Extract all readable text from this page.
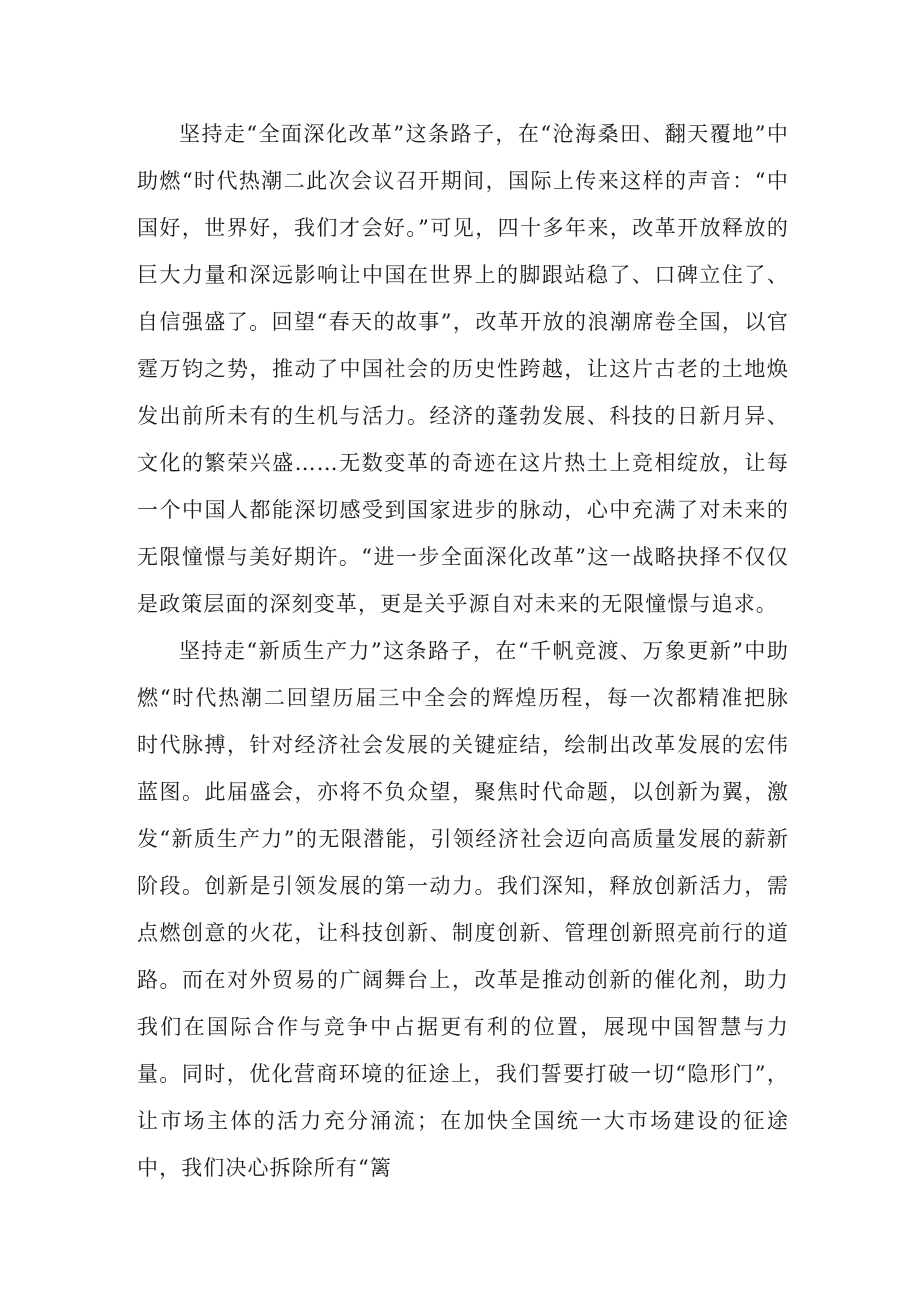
坚持走“全面深化改革”这条路子，在“沧海桑田、翻天覆地”中助燃“时代热潮二此次会议召开期间，国际上传来这样的声音：“中国好，世界好，我们才会好。”可见，四十多年来，改革开放释放的巨大力量和深远影响让中国在世界上的脚跟站稳了、口碑立住了、自信强盛了。回望“春天的故事”，改革开放的浪潮席卷全国，以官霆万钧之势，推动了中国社会的历史性跨越，让这片古老的土地焕发出前所未有的生机与活力。经济的蓬勃发展、科技的日新月异、文化的繁荣兴盛……无数变革的奇迹在这片热土上竞相绽放，让每一个中国人都能深切感受到国家进步的脉动，心中充满了对未来的无限憧憬与美好期许。“进一步全面深化改革”这一战略抉择不仅仅是政策层面的深刻变革，更是关乎源自对未来的无限憧憬与追求。

坚持走“新质生产力”这条路子，在“千帆竞渡、万象更新”中助燃“时代热潮二回望历届三中全会的辉煌历程，每一次都精准把脉时代脉搏，针对经济社会发展的关键症结，绘制出改革发展的宏伟蓝图。此届盛会，亦将不负众望，聚焦时代命题，以创新为翼，激发“新质生产力”的无限潜能，引领经济社会迈向高质量发展的薪新阶段。创新是引领发展的第一动力。我们深知，释放创新活力，需点燃创意的火花，让科技创新、制度创新、管理创新照亮前行的道路。而在对外贸易的广阔舞台上，改革是推动创新的催化剂，助力我们在国际合作与竞争中占据更有利的位置，展现中国智慧与力量。同时，优化营商环境的征途上，我们誓要打破一切“隐形门”，让市场主体的活力充分涌流；在加快全国统一大市场建设的征途中，我们决心拆除所有“篱
